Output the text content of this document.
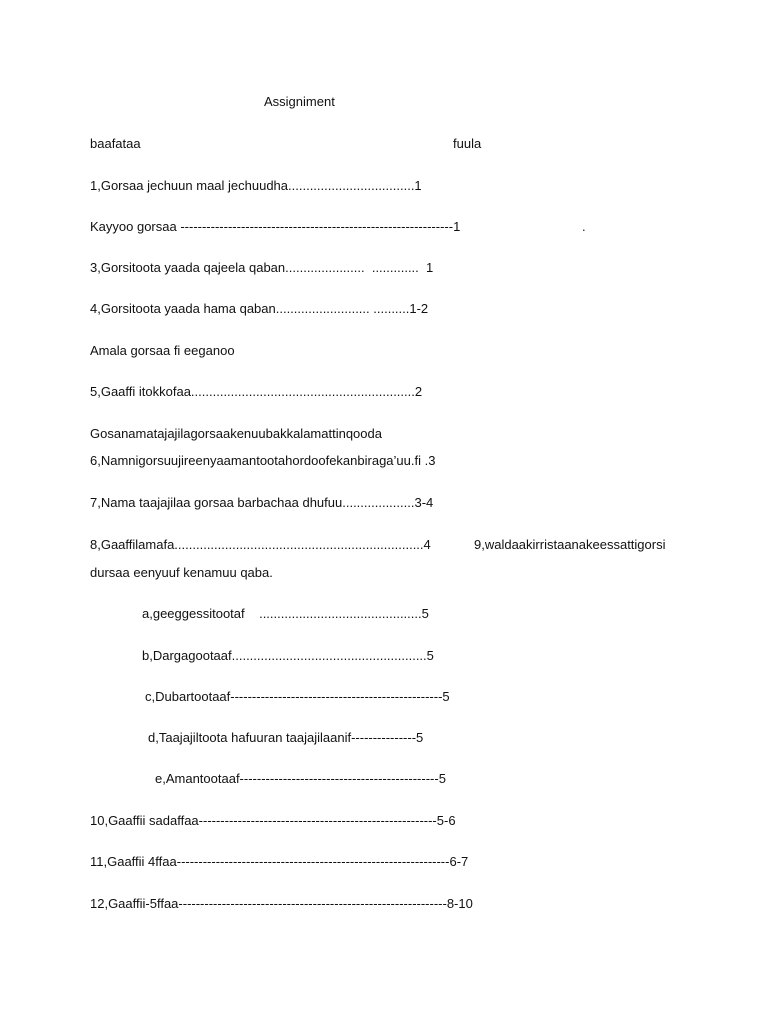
Assigniment
baafataa	fuula
1,Gorsaa jechuun maal jechuudha...................................1
Kayyoo gorsaa ---------------------------------------------------------------1	.
3,Gorsitoota yaada qajeela qaban......................  .............  1
4,Gorsitoota yaada hama qaban.......................... ..........1-2
Amala gorsaa fi eeganoo
5,Gaaffi itokkofaa..............................................................2
Gosanamatajajilagorsaakenuubakkalamattinqooda
6,Namnigorsuujireenyaamantootahordoofekanbiraga’uu.fi .3
7,Nama taajajilaa gorsaa barbachaa dhufuu....................3-4
8,Gaaffilamafa.....................................................................4	9,waldaakirristaanakeessattigorsi
dursaa eenyuuf kenamuu qaba.
a,geeggessitootaf    .............................................5
b,Dargagootaaf......................................................5
c,Dubartootaaf-------------------------------------------------5
d,Taajajiltoota hafuuran taajajilaanif---------------5
e,Amantootaaf----------------------------------------------5
10,Gaaffii sadaffaa-------------------------------------------------------5-6
11,Gaaffii 4ffaa---------------------------------------------------------------6-7
12,Gaaffii-5ffaa--------------------------------------------------------------8-10
